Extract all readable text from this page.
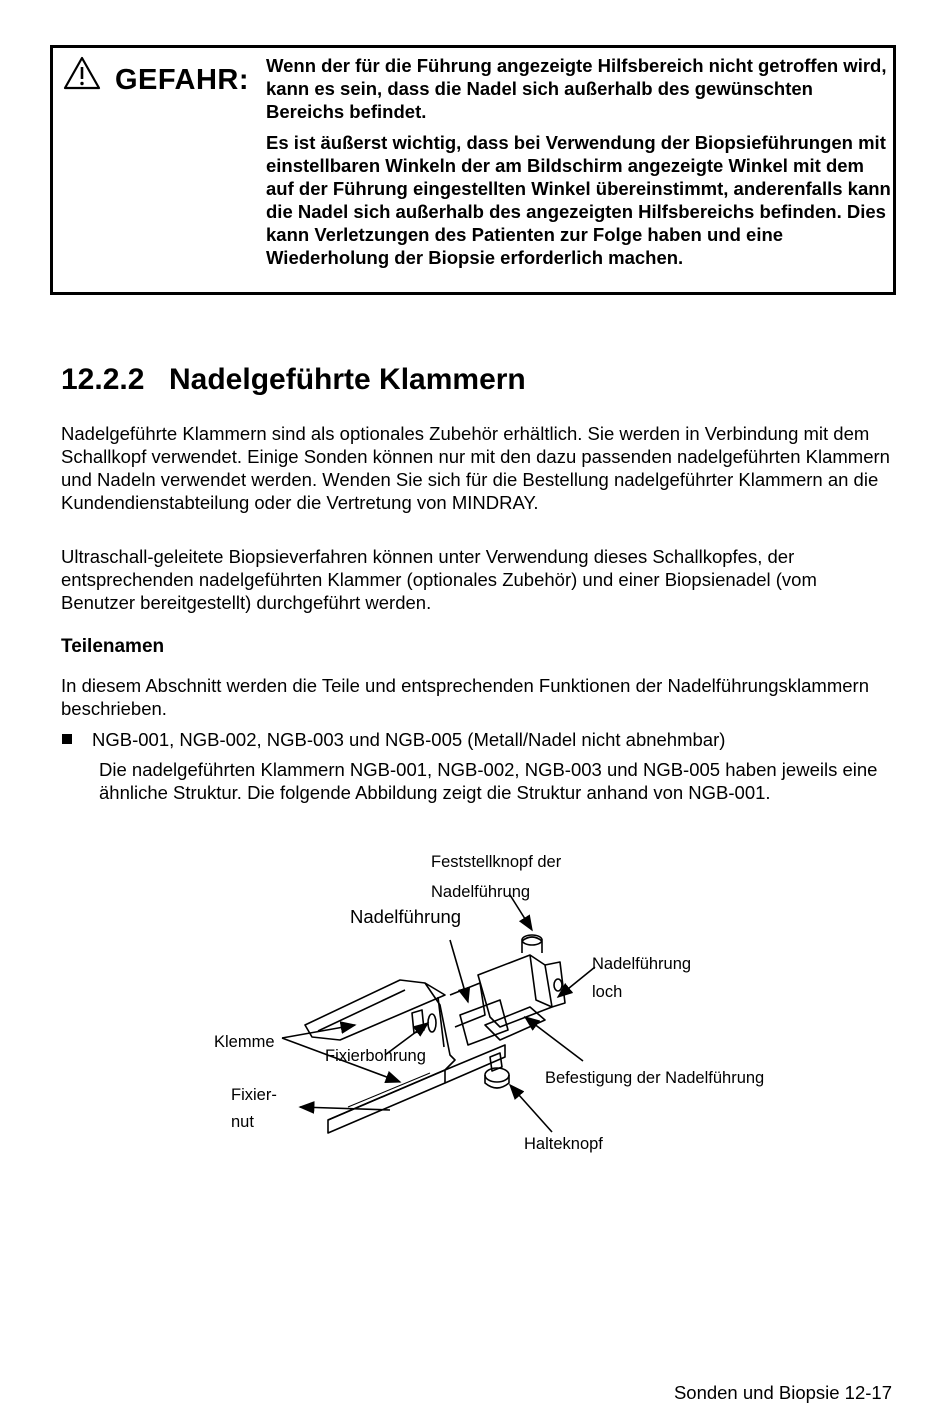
GEFAHR: Wenn der für die Führung angezeigte Hilfsbereich nicht getroffen wird, kann es sein, dass die Nadel sich außerhalb des gewünschten Bereichs befindet.

Es ist äußerst wichtig, dass bei Verwendung der Biopsieführungen mit einstellbaren Winkeln der am Bildschirm angezeigte Winkel mit dem auf der Führung eingestellten Winkel übereinstimmt, anderenfalls kann die Nadel sich außerhalb des angezeigten Hilfsbereichs befinden. Dies kann Verletzungen des Patienten zur Folge haben und eine Wiederholung der Biopsie erforderlich machen.

12.2.2 Nadelgeführte Klammern

Nadelgeführte Klammern sind als optionales Zubehör erhältlich. Sie werden in Verbindung mit dem Schallkopf verwendet. Einige Sonden können nur mit den dazu passenden nadelgeführten Klammern und Nadeln verwendet werden. Wenden Sie sich für die Bestellung nadelgeführter Klammern an die Kundendienstabteilung oder die Vertretung von MINDRAY.

Ultraschall-geleitete Biopsieverfahren können unter Verwendung dieses Schallkopfes, der entsprechenden nadelgeführten Klammer (optionales Zubehör) und einer Biopsienadel (vom Benutzer bereitgestellt) durchgeführt werden.

Teilenamen

In diesem Abschnitt werden die Teile und entsprechenden Funktionen der Nadelführungsklammern beschrieben.

NGB-001, NGB-002, NGB-003 und NGB-005 (Metall/Nadel nicht abnehmbar)

Die nadelgeführten Klammern NGB-001, NGB-002, NGB-003 und NGB-005 haben jeweils eine ähnliche Struktur. Die folgende Abbildung zeigt die Struktur anhand von NGB-001.

Feststellknopf der
Nadelführung
Nadelführung
Nadelführung
loch
Klemme
Fixierbohrung
Befestigung der Nadelführung
Fixier-
nut
Halteknopf
Sonden und Biopsie 12-17
